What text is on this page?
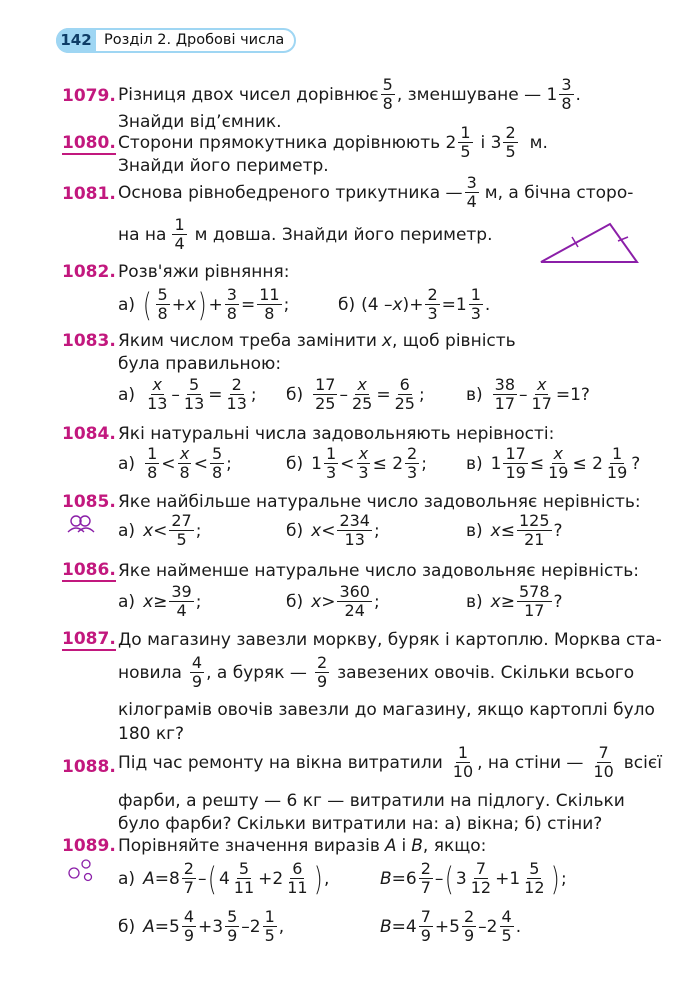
142 Розділ 2. Дробові числа
1079. Різниця двох чисел дорівнює $\frac{5}{8}$ , зменшуване — $1 \frac{3}{8}$ .
Знайди від’ємник.
1080. Сторони прямокутника дорівнюють $2 \frac{1}{5}$ і $3 \frac{2}{5} м$.
Знайди його периметр.
1081. Основа рівнобедреного трикутника — $\frac{3}{4} м$, а бічна сторо-
на на $\frac{1}{4}$ м довша. Знайди його периметр.
1082. Розв'яжи рівняння:
а) ( $\frac{5}{8} + x$ ) + $\frac{3}{8} = \frac{11}{8}$ ;	б) (4 – x ) + $\frac{2}{3} =1 \frac{1}{3}$ .
1083. Яким числом треба замінити x , щоб рівність
була правильною:
$а) \frac{x}{13} - \frac{5}{13} = \frac{2}{13}$ ; $б) \frac{17}{25} - \frac{x}{25} = \frac{6}{25}$ ; $в) \frac{38}{17} - \frac{x}{17} =1$?
1084. Які натуральні числа задовольняють нерівності:
$а) \frac{1}{8} < \frac{x}{8} < \frac{5}{8}$ ;	б) $1 \frac{1}{3} < \frac{x}{3} \le 2 \frac{2}{3}$ ; в) $1 \frac{17}{19} \le \frac{x}{19} \le 2 \frac{1}{19}$ ?
1085. Яке найбільше натуральне число задовольняє нерівність:
а) $x < \frac{27}{5}$ ;	б) $x < \frac{234}{13}$ ;	в) $x \le \frac{125}{21}$ ?
1086. Яке найменше натуральне число задовольняє нерівність:
а) $x \ge \frac{39}{4}$ ;	б) $x > \frac{360}{24}$ ;	в) $x \ge \frac{578}{17}$ ?
1087. До магазину завезли моркву, буряк і картоплю. Морква ста-
новила $\frac{4}{9}$ , а буряк — $\frac{2}{9}$ завезених овочів. Скільки всього
кілограмів овочів завезли до магазину, якщо картоплі було
180 кг?
1088. Під час ремонту на вікна витратили $\frac{1}{10}$ , на стіни — $\frac{7}{10}$ всієї
фарби, а решту — 6 кг — витратили на підлогу. Скільки
було фарби? Скільки витратили на: а) вікна; б) стіни?
1089. Порівняйте значення виразів A і B , якщо:
а) $A =8 \frac{2}{7}$ – ( $4 \frac{5}{11} +2 \frac{6}{11}$ ) ,	$B =6 \frac{2}{7}$ – ( $3 \frac{7}{12} +1 \frac{5}{12}$ ) ;
б) $A =5 \frac{4}{9} +3 \frac{5}{9} -2 \frac{1}{5}$ ,	$B =4 \frac{7}{9} +5 \frac{2}{9} -2 \frac{4}{5}$ .
